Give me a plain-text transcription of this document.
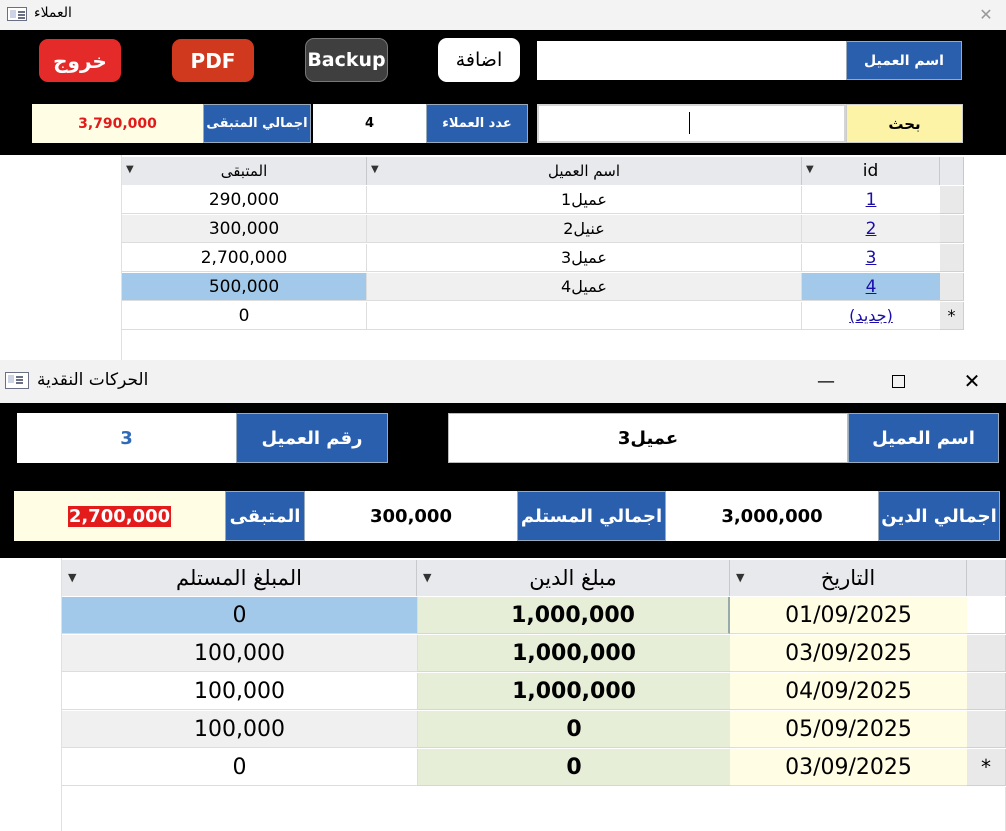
العملاء	✕
خروج	PDF	Backup	اضافة	اسم العميل
3,790,000	اجمالي المتبقى	4	عدد العملاء	بحث
▼	المتبقى	▼	اسم العميل	▼	id
290,000	عميل1	1
300,000	عنيل2	2
2,700,000	عميل3	3
500,000	عميل4	4
0	(جديد)	*
الحركات النقدية	—	✕
3	رقم العميل	عميل3	اسم العميل
2,700,000	المتبقى	300,000	اجمالي المستلم	3,000,000	اجمالي الدين
▼	المبلغ المستلم	▼	مبلغ الدين	▼	التاريخ
0	1,000,000	01/09/2025
100,000	1,000,000	03/09/2025
100,000	1,000,000	04/09/2025
100,000	0	05/09/2025
0	0	03/09/2025	*
